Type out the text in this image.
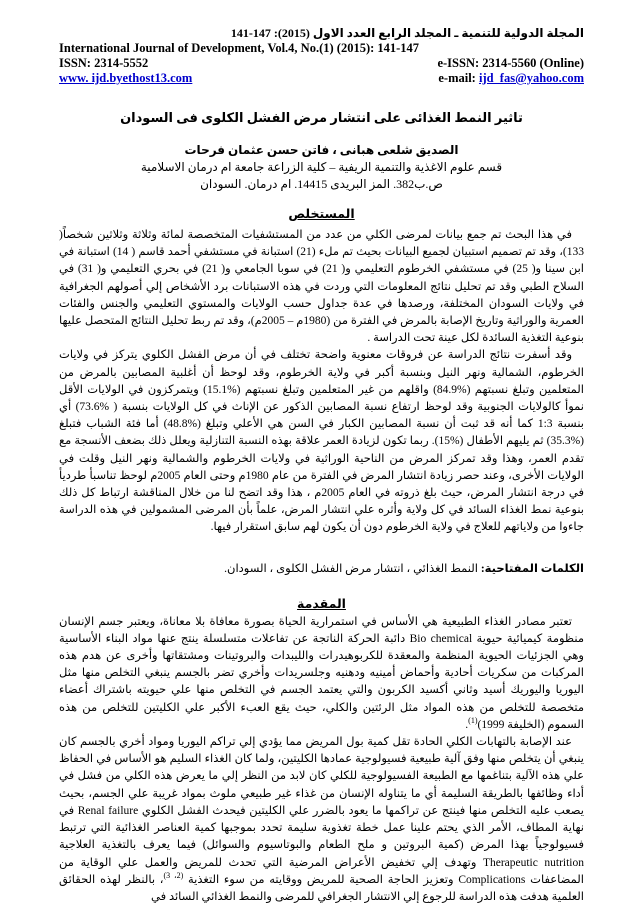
المجلة الدولية للتنمية ـ المجلد الرابع العدد الاول (2015): 147-141
International Journal of Development, Vol.4, No.(1) (2015): 141-147
ISSN: 2314-5552	e-ISSN: 2314-5560 (Online)
www. ijd.byethost13.com	e-mail: ijd_fas@yahoo.com
تاثير النمط الغذائى على انتشار مرض الفشل الكلوى فى السودان
الصديق شلعى هبانى ، فاتن حسن عثمان فرحات
قسم علوم الاغذية والتنمية الريفية – كلية الزراعة جامعة ام درمان الاسلامية
ص.ب382. المز البريدى 14415. ام درمان. السودان
المستخلص

في هذا البحث تم جمع بيانات لمرضى الكلي من عدد من المستشفيات المتخصصة لمائة وثلاثة وثلاثين شخصاً( 133)، وقد تم تصميم استبيان لجميع البيانات بحيث تم ملء (21) استبانة في مستشفي أحمد قاسم ( 14) استبانة في ابن سينا و( 25) في مستشفي الخرطوم التعليمي و( 21) في سوبا الجامعي و( 21) في بحري التعليمي و( 31) في السلاح الطبي وقد تم تحليل نتائج المعلومات التي وردت في هذه الاستبانات برد الأشخاص إلي أصولهم الجغرافية في ولايات السودان المختلفة، ورصدها في عدة جداول حسب الولايات والمستوي التعليمي والجنس والفئات العمرية والوراثية وتاريخ الإصابة بالمرض في الفترة من (1980م – 2005م)، وقد تم ربط تحليل النتائج المتحصل عليها بنوعية التغذية السائدة لكل عينة تحت الدراسة .

وقد أسفرت نتائج الدراسة عن فروقات معنوية واضحة تختلف في أن مرض الفشل الكلوي يتركز في ولايات الخرطوم، الشمالية ونهر النيل وبنسبة أكبر في ولاية الخرطوم، وقد لوحظ أن أغلبية المصابين بالمرض من المتعلمين وتبلغ نسبتهم (%84.9) واقلهم من غير المتعلمين وتبلغ نسبتهم (%15.1) ويتمركزون في الولايات الأقل نموأ كالولايات الجنوبية وقد لوحظ ارتفاع نسبة المصابين الذكور عن الإناث في كل الولايات بنسبة ( %73.6) أي بنسبة 1:3 كما أنه قد ثبت أن نسبة المصابين الكبار في السن هي الأعلي وتبلغ (%48.8) أما فئة الشباب فتبلغ (%35.3) ثم يليهم الأطفال (%15). ربما تكون لزيادة العمر علاقة بهذه النسبة التنازلية ويعلل ذلك بضعف الأنسجة مع تقدم العمر، وهذا وقد تمركز المرض من الناحية الوراثية في ولايات الخرطوم والشمالية ونهر النيل وقلت في الولايات الأخرى، وعند حصر زيادة انتشار المرض في الفترة من عام 1980م وحتى العام 2005م لوحظ تناسبأ طرديأ في درجة انتشار المرض، حيث بلغ ذروته في العام 2005م ، هذا وقد اتضح لنا من خلال المناقشة ارتباط كل ذلك بنوعية نمط الغذاء السائد في كل ولاية وأثره علي انتشار المرض، علماً بأن المرضى المشمولين في هذه الدراسة جاءوا من ولاياتهم للعلاج في ولاية الخرطوم دون أن يكون لهم سابق استقرار فيها.

الكلمات المفتاحية: النمط الغذائي ، انتشار مرض الفشل الكلوى ، السودان.

المقدمة

تعتبر مصادر الغذاء الطبيعية هي الأساس في استمرارية الحياة بصورة معافاة بلا معاناة، ويعتبر جسم الإنسان منظومة كيميائية حيوية Bio chemical دائبة الحركة الناتجة عن تفاعلات متسلسلة ينتج عنها مواد البناء الأساسية وهي الجزئيات الحيوية المنظمة والمعقدة للكربوهيدرات والليبدات والبروتينات ومشتقاتها وأخرى عن هدم هذه المركبات من سكريات أحادية وأحماض أمينيه ودهنيه وجلسريدات وأخري تضر بالجسم ينبغي التخلص منها مثل اليوريا واليوريك أسيد وثاني أكسيد الكربون والتي يعتمد الجسم في التخلص منها علي حيويته باشتراك أعضاء متخصصة للتخلص من هذه المواد مثل الرئتين والكلي، حيث يقع العبء الأكبر علي الكليتين للتخلص من هذه السموم (الخليفة 1999)$^{(1)}$.

عند الإصابة بالتهابات الكلي الحادة تقل كمية بول المريض مما يؤدي إلي تراكم اليوريا ومواد أخري بالجسم كان ينبغي أن يتخلص منها وفق آلية طبيعية فسيولوجية عمادها الكليتين، ولما كان الغذاء السليم هو الأساس في الحفاظ علي هذه الآلية بتناغمها مع الطبيعة الفسيولوجية للكلي كان لابد من النظر إلي ما يعرض هذه الكلي من فشل في أداء وظائفها بالطريقة السليمة أي ما يتناوله الإنسان من غذاء غير طبيعي ملوث بمواد غريبة علي الجسم، بحيث يصعب عليه التخلص منها فينتج عن تراكمها ما يعود بالضرر علي الكليتين فيحدث الفشل الكلوي Renal failure في نهاية المطاف، الأمر الذي يحتم علينا عمل خطة تغذوية سليمة تحدد بموجبها كمية العناصر الغذائية التي ترتبط فسيولوجياً بهذا المرض (كمية البروتين و ملح الطعام والبوتاسيوم والسوائل) فيما يعرف بالتغذية العلاجية Therapeutic nutrition وتهدف إلي تخفيض الأعراض المرضية التي تحدث للمريض والعمل علي الوقاية من المضاعفات Complications وتعزيز الحاجة الصحية للمريض ووقايته من سوء التغذية $^{(2، 3)}$، بالنظر لهذه الحقائق العلمية هدفت هذه الدراسة للرجوع إلي الانتشار الجغرافي للمرضى والنمط الغذائي السائد في
